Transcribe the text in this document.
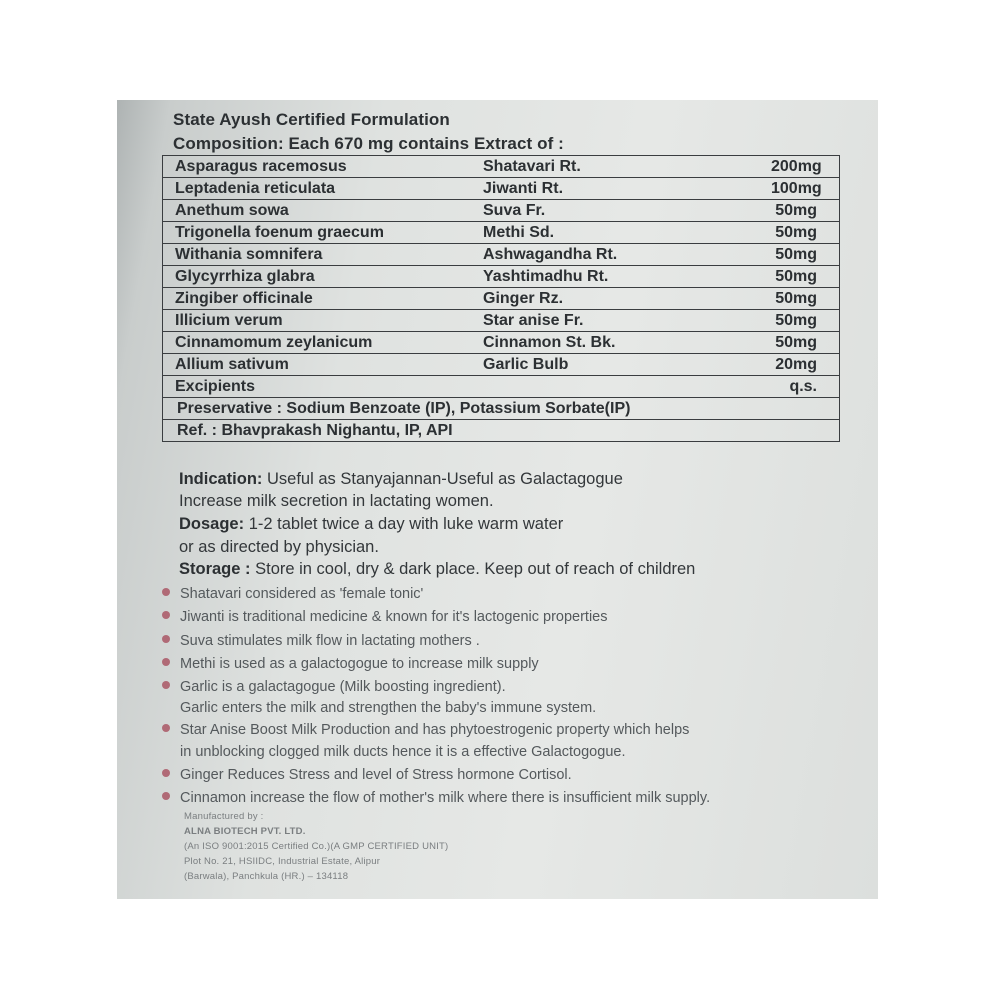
State Ayush Certified Formulation
Composition: Each 670 mg contains Extract of :
Asparagus racemosus	Shatavari Rt.	200mg
Leptadenia reticulata	Jiwanti Rt.	100mg
Anethum sowa	Suva Fr.	50mg
Trigonella foenum graecum	Methi Sd.	50mg
Withania somnifera	Ashwagandha Rt.	50mg
Glycyrrhiza glabra	Yashtimadhu Rt.	50mg
Zingiber officinale	Ginger Rz.	50mg
Illicium verum	Star anise Fr.	50mg
Cinnamomum zeylanicum	Cinnamon St. Bk.	50mg
Allium sativum	Garlic Bulb	20mg
Excipients		q.s.
Preservative : Sodium Benzoate (IP), Potassium Sorbate(IP)		
Ref. : Bhavprakash Nighantu, IP, API		
Indication: Useful as Stanyajannan-Useful as Galactagogue
Increase milk secretion in lactating women.
Dosage: 1-2 tablet twice a day with luke warm water
or as directed by physician.
Storage : Store in cool, dry & dark place. Keep out of reach of children
Shatavari considered as 'female tonic'
Jiwanti is traditional medicine & known for it's lactogenic properties
Suva stimulates milk flow in lactating mothers .
Methi is used as a galactogogue to increase milk supply
Garlic is a galactagogue (Milk boosting ingredient).
Garlic enters the milk and strengthen the baby's immune system.
Star Anise Boost Milk Production and has phytoestrogenic property which helps
in unblocking clogged milk ducts hence it is a effective Galactogogue.
Ginger Reduces Stress and level of Stress hormone Cortisol.
Cinnamon increase the flow of mother's milk where there is insufficient milk supply.
Manufactured by :
ALNA BIOTECH PVT. LTD.
(An ISO 9001:2015 Certified Co.)(A GMP CERTIFIED UNIT)
Plot No. 21, HSIIDC, Industrial Estate, Alipur
(Barwala), Panchkula (HR.) – 134118
